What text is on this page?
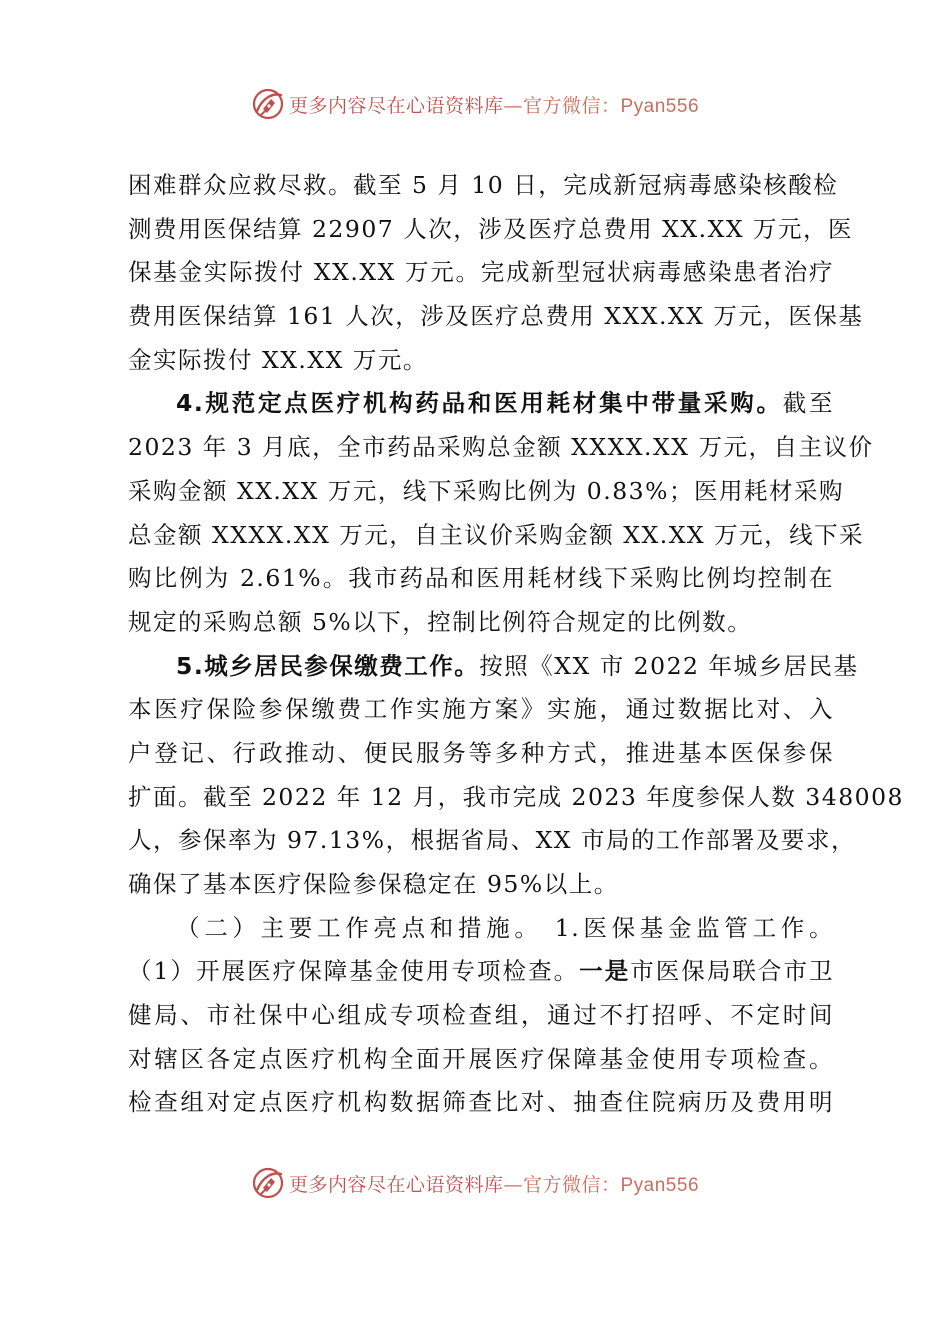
更多内容尽在心语资料库—官方微信：Pyan556
困难群众应救尽救。截至 5 月 10 日，完成新冠病毒感染核酸检
测费用医保结算 22907 人次，涉及医疗总费用 XX.XX 万元，医
保基金实际拨付 XX.XX 万元。完成新型冠状病毒感染患者治疗
费用医保结算 161 人次，涉及医疗总费用 XXX.XX 万元，医保基
金实际拨付 XX.XX 万元。
4.规范定点医疗机构药品和医用耗材集中带量采购。截至
2023 年 3 月底，全市药品采购总金额 XXXX.XX 万元，自主议价
采购金额 XX.XX 万元，线下采购比例为 0.83%；医用耗材采购
总金额 XXXX.XX 万元，自主议价采购金额 XX.XX 万元，线下采
购比例为 2.61%。我市药品和医用耗材线下采购比例均控制在
规定的采购总额 5%以下，控制比例符合规定的比例数。
5.城乡居民参保缴费工作。按照《XX 市 2022 年城乡居民基
本医疗保险参保缴费工作实施方案》实施，通过数据比对、入
户登记、行政推动、便民服务等多种方式，推进基本医保参保
扩面。截至 2022 年 12 月，我市完成 2023 年度参保人数 348008
人，参保率为 97.13%，根据省局、XX 市局的工作部署及要求，
确保了基本医疗保险参保稳定在 95%以上。
（二）主要工作亮点和措施。 1.医保基金监管工作。
（1）开展医疗保障基金使用专项检查。一是市医保局联合市卫
健局、市社保中心组成专项检查组，通过不打招呼、不定时间
对辖区各定点医疗机构全面开展医疗保障基金使用专项检查。
检查组对定点医疗机构数据筛查比对、抽查住院病历及费用明
更多内容尽在心语资料库—官方微信：Pyan556
